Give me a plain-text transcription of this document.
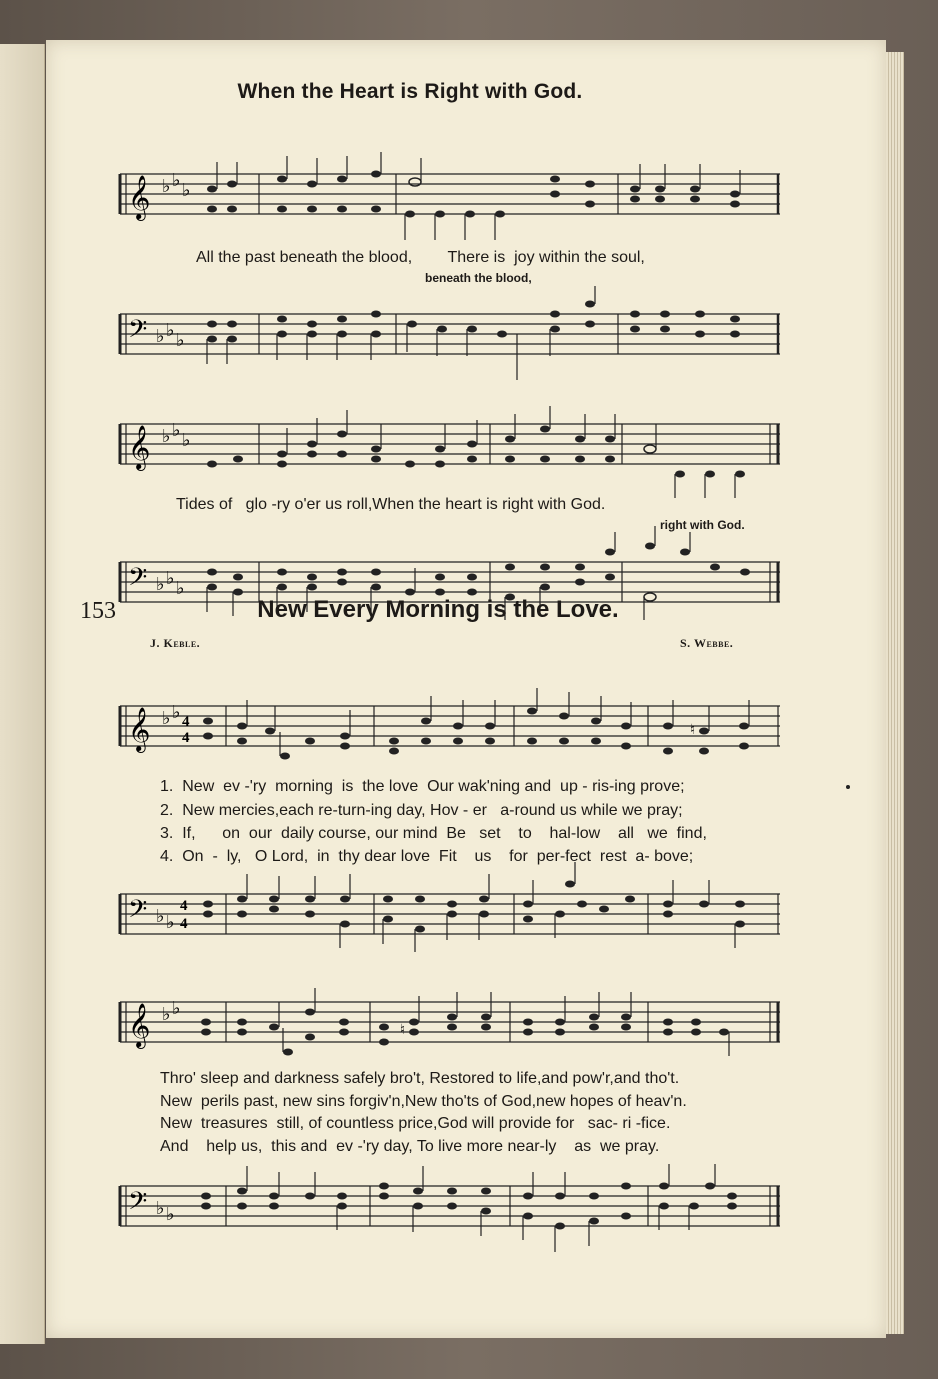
When the Heart is Right with God.
𝄞 ♭ ♭ ♭
All the past beneath the blood,        There is  joy within the soul,
beneath the blood,
𝄢 ♭ ♭ ♭
𝄞 ♭ ♭ ♭
Tides of   glo -ry o'er us roll,When the heart is right with God.
right with God.
𝄢 ♭ ♭ ♭
153	New Every Morning is the Love.
J. Keble.	S. Webbe.
𝄞 ♭ ♭ 4
4	♮
1.  New  ev -'ry  morning  is  the love  Our wak'ning and  up - ris-ing prove;
2.  New mercies,each re-turn-ing day, Hov - er   a-round us while we pray;
3.  If,      on  our  daily course, our mind  Be   set    to    hal-low    all   we  find,
4.  On  -  ly,   O Lord,  in  thy dear love  Fit    us    for  per-fect  rest  a- bove;
𝄢 ♭ ♭
4
4
𝄞 ♭ ♭
♮
Thro' sleep and darkness safely bro't, Restored to life,and pow'r,and tho't.
New  perils past, new sins forgiv'n,New tho'ts of God,new hopes of heav'n.
New  treasures  still, of countless price,God will provide for   sac- ri -fice.
And    help us,  this and  ev -'ry day, To live more near-ly    as  we pray.
𝄢 ♭ ♭
